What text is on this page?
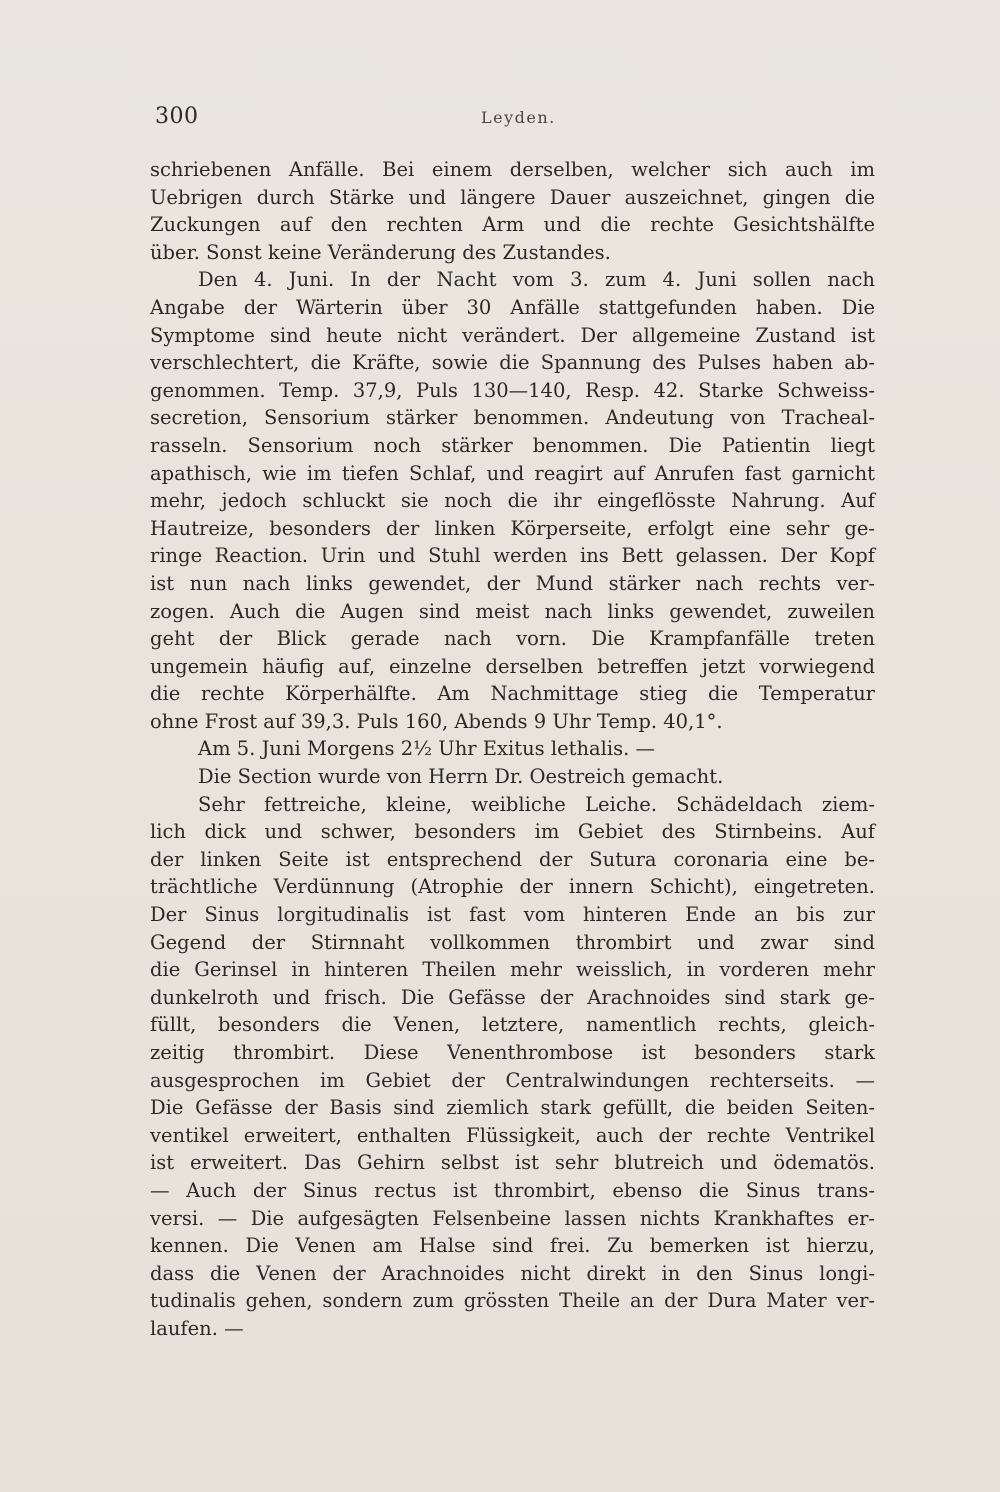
300	Leyden.
schriebenen Anfälle. Bei einem derselben, welcher sich auch im
Uebrigen durch Stärke und längere Dauer auszeichnet, gingen die
Zuckungen auf den rechten Arm und die rechte Gesichtshälfte
über. Sonst keine Veränderung des Zustandes.
Den 4. Juni. In der Nacht vom 3. zum 4. Juni sollen nach
Angabe der Wärterin über 30 Anfälle stattgefunden haben. Die
Symptome sind heute nicht verändert. Der allgemeine Zustand ist
verschlechtert, die Kräfte, sowie die Spannung des Pulses haben ab-
genommen. Temp. 37,9, Puls 130—140, Resp. 42. Starke Schweiss-
secretion, Sensorium stärker benommen. Andeutung von Tracheal-
rasseln. Sensorium noch stärker benommen. Die Patientin liegt
apathisch, wie im tiefen Schlaf, und reagirt auf Anrufen fast garnicht
mehr, jedoch schluckt sie noch die ihr eingeflösste Nahrung. Auf
Hautreize, besonders der linken Körperseite, erfolgt eine sehr ge-
ringe Reaction. Urin und Stuhl werden ins Bett gelassen. Der Kopf
ist nun nach links gewendet, der Mund stärker nach rechts ver-
zogen. Auch die Augen sind meist nach links gewendet, zuweilen
geht der Blick gerade nach vorn. Die Krampfanfälle treten
ungemein häufig auf, einzelne derselben betreffen jetzt vorwiegend
die rechte Körperhälfte. Am Nachmittage stieg die Temperatur
ohne Frost auf 39,3. Puls 160, Abends 9 Uhr Temp. 40,1°.
Am 5. Juni Morgens 2½ Uhr Exitus lethalis. —
Die Section wurde von Herrn Dr. Oestreich gemacht.
Sehr fettreiche, kleine, weibliche Leiche. Schädeldach ziem-
lich dick und schwer, besonders im Gebiet des Stirnbeins. Auf
der linken Seite ist entsprechend der Sutura coronaria eine be-
trächtliche Verdünnung (Atrophie der innern Schicht), eingetreten.
Der Sinus lorgitudinalis ist fast vom hinteren Ende an bis zur
Gegend der Stirnnaht vollkommen thrombirt und zwar sind
die Gerinsel in hinteren Theilen mehr weisslich, in vorderen mehr
dunkelroth und frisch. Die Gefässe der Arachnoides sind stark ge-
füllt, besonders die Venen, letztere, namentlich rechts, gleich-
zeitig thrombirt. Diese Venenthrombose ist besonders stark
ausgesprochen im Gebiet der Centralwindungen rechterseits. —
Die Gefässe der Basis sind ziemlich stark gefüllt, die beiden Seiten-
ventikel erweitert, enthalten Flüssigkeit, auch der rechte Ventrikel
ist erweitert. Das Gehirn selbst ist sehr blutreich und ödematös.
— Auch der Sinus rectus ist thrombirt, ebenso die Sinus trans-
versi. — Die aufgesägten Felsenbeine lassen nichts Krankhaftes er-
kennen. Die Venen am Halse sind frei. Zu bemerken ist hierzu,
dass die Venen der Arachnoides nicht direkt in den Sinus longi-
tudinalis gehen, sondern zum grössten Theile an der Dura Mater ver-
laufen. —
